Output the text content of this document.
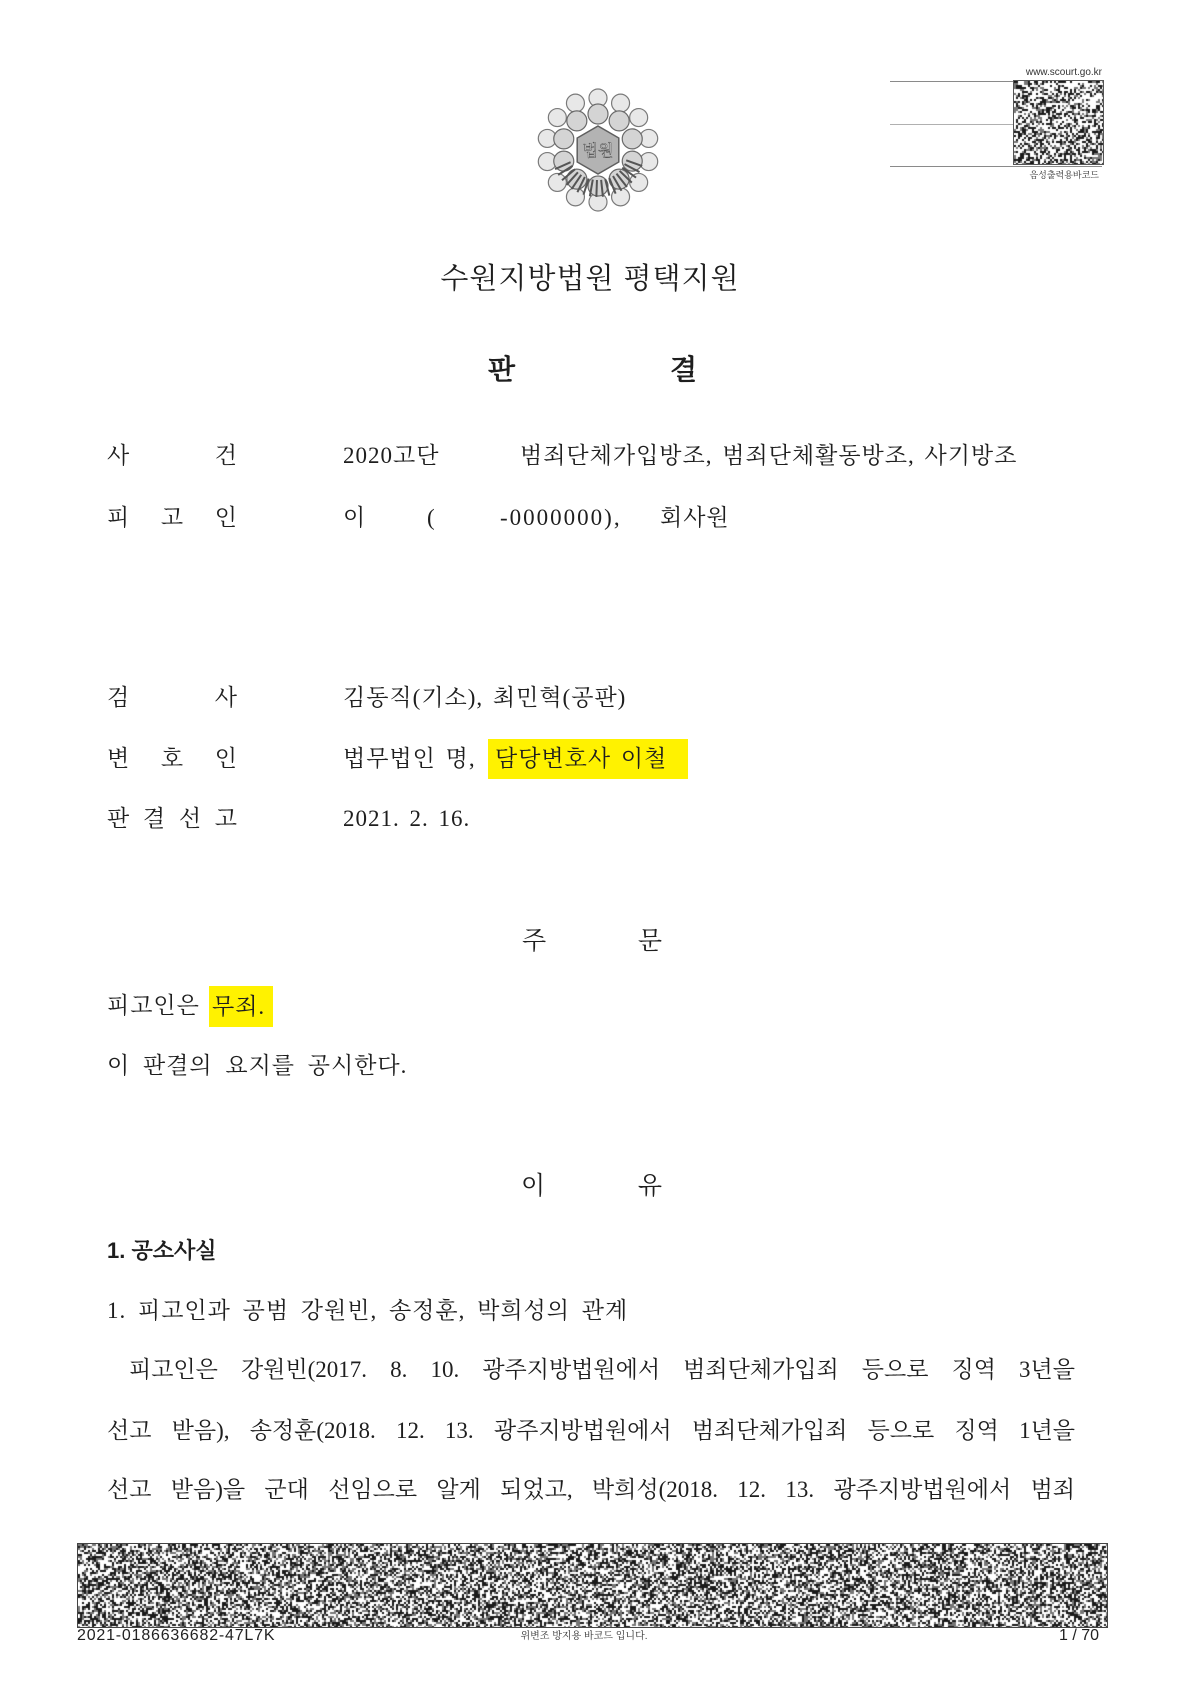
www.scourt.go.kr
음성출력용바코드
법원
수원지방법원 평택지원
판	결
사	건	2020고단	범죄단체가입방조, 범죄단체활동방조, 사기방조
피 고 인	이	(	-0000000), 회사원
검	사	김동직(기소), 최민혁(공판)
변 호 인	법무법인 명, 담당변호사 이철
판 결 선 고	2021. 2. 16.
주	문
피고인은 무죄.
이 판결의 요지를 공시한다.
이	유
1. 공소사실
1. 피고인과 공범 강원빈, 송정훈, 박희성의 관계
피고인은 강원빈(2017. 8. 10. 광주지방법원에서 범죄단체가입죄 등으로 징역 3년을
선고 받음), 송정훈(2018. 12. 13. 광주지방법원에서 범죄단체가입죄 등으로 징역 1년을
선고 받음)을 군대 선임으로 알게 되었고, 박희성(2018. 12. 13. 광주지방법원에서 범죄
2021-0186636682-47L7K	위변조 방지용 바코드 입니다.	1 / 70
